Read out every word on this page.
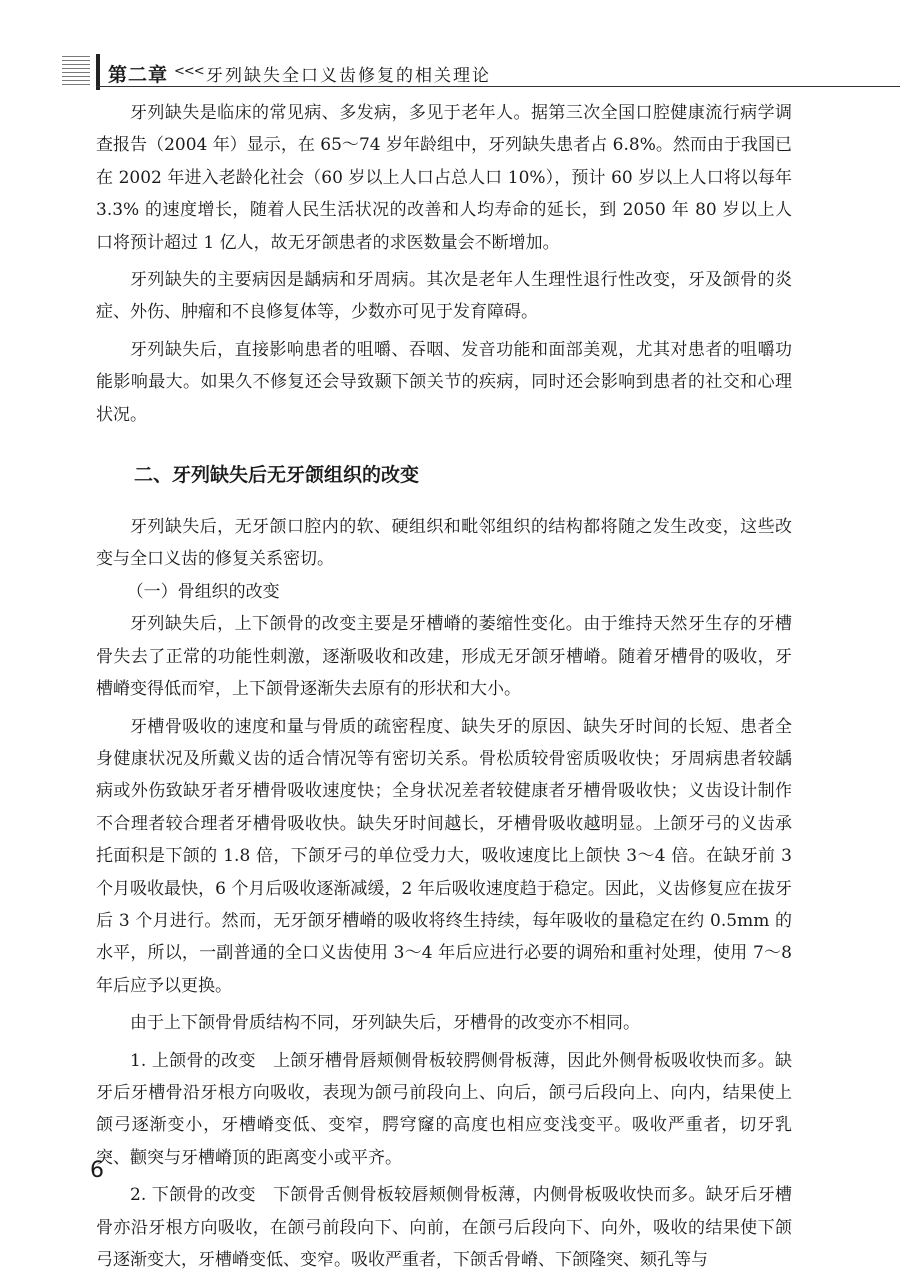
第二章 <<< 牙列缺失全口义齿修复的相关理论

牙列缺失是临床的常见病、多发病，多见于老年人。据第三次全国口腔健康流行病学调查报告（2004 年）显示，在 65～74 岁年龄组中，牙列缺失患者占 6.8%。然而由于我国已在 2002 年进入老龄化社会（60 岁以上人口占总人口 10%），预计 60 岁以上人口将以每年 3.3% 的速度增长，随着人民生活状况的改善和人均寿命的延长，到 2050 年 80 岁以上人口将预计超过 1 亿人，故无牙颌患者的求医数量会不断增加。

牙列缺失的主要病因是龋病和牙周病。其次是老年人生理性退行性改变，牙及颌骨的炎症、外伤、肿瘤和不良修复体等，少数亦可见于发育障碍。

牙列缺失后，直接影响患者的咀嚼、吞咽、发音功能和面部美观，尤其对患者的咀嚼功能影响最大。如果久不修复还会导致颞下颌关节的疾病，同时还会影响到患者的社交和心理状况。

二、牙列缺失后无牙颌组织的改变

牙列缺失后，无牙颌口腔内的软、硬组织和毗邻组织的结构都将随之发生改变，这些改变与全口义齿的修复关系密切。

（一）骨组织的改变

牙列缺失后，上下颌骨的改变主要是牙槽嵴的萎缩性变化。由于维持天然牙生存的牙槽骨失去了正常的功能性刺激，逐渐吸收和改建，形成无牙颌牙槽嵴。随着牙槽骨的吸收，牙槽嵴变得低而窄，上下颌骨逐渐失去原有的形状和大小。

牙槽骨吸收的速度和量与骨质的疏密程度、缺失牙的原因、缺失牙时间的长短、患者全身健康状况及所戴义齿的适合情况等有密切关系。骨松质较骨密质吸收快；牙周病患者较龋病或外伤致缺牙者牙槽骨吸收速度快；全身状况差者较健康者牙槽骨吸收快；义齿设计制作不合理者较合理者牙槽骨吸收快。缺失牙时间越长，牙槽骨吸收越明显。上颌牙弓的义齿承托面积是下颌的 1.8 倍，下颌牙弓的单位受力大，吸收速度比上颌快 3～4 倍。在缺牙前 3 个月吸收最快，6 个月后吸收逐渐减缓，2 年后吸收速度趋于稳定。因此，义齿修复应在拔牙后 3 个月进行。然而，无牙颌牙槽嵴的吸收将终生持续，每年吸收的量稳定在约 0.5mm 的水平，所以，一副普通的全口义齿使用 3～4 年后应进行必要的调殆和重衬处理，使用 7～8 年后应予以更换。

由于上下颌骨骨质结构不同，牙列缺失后，牙槽骨的改变亦不相同。

1. 上颌骨的改变　上颌牙槽骨唇颊侧骨板较腭侧骨板薄，因此外侧骨板吸收快而多。缺牙后牙槽骨沿牙根方向吸收，表现为颌弓前段向上、向后，颌弓后段向上、向内，结果使上颌弓逐渐变小，牙槽嵴变低、变窄，腭穹窿的高度也相应变浅变平。吸收严重者，切牙乳突、颧突与牙槽嵴顶的距离变小或平齐。

2. 下颌骨的改变　下颌骨舌侧骨板较唇颊侧骨板薄，内侧骨板吸收快而多。缺牙后牙槽骨亦沿牙根方向吸收，在颌弓前段向下、向前，在颌弓后段向下、向外，吸收的结果使下颌弓逐渐变大，牙槽嵴变低、变窄。吸收严重者，下颌舌骨嵴、下颌隆突、颏孔等与

6
